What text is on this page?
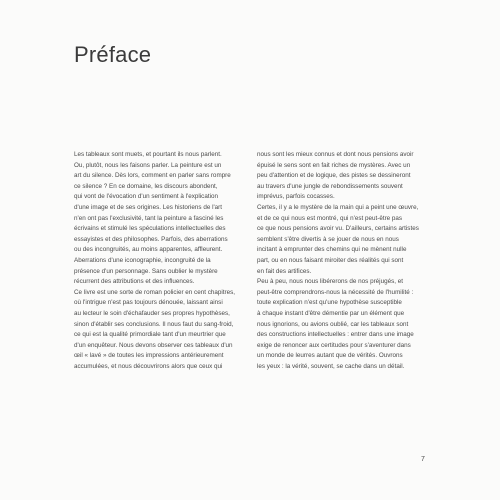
Préface

Les tableaux sont muets, et pourtant ils nous parlent.

Ou, plutôt, nous les faisons parler. La peinture est un

art du silence. Dès lors, comment en parler sans rompre

ce silence ? En ce domaine, les discours abondent,

qui vont de l'évocation d'un sentiment à l'explication

d'une image et de ses origines. Les historiens de l'art

n'en ont pas l'exclusivité, tant la peinture a fasciné les

écrivains et stimulé les spéculations intellectuelles des

essayistes et des philosophes. Parfois, des aberrations

ou des incongruités, au moins apparentes, affleurent.

Aberrations d'une iconographie, incongruité de la

présence d'un personnage. Sans oublier le mystère

récurrent des attributions et des influences.

Ce livre est une sorte de roman policier en cent chapitres,

où l'intrigue n'est pas toujours dénouée, laissant ainsi

au lecteur le soin d'échafauder ses propres hypothèses,

sinon d'établir ses conclusions. Il nous faut du sang-froid,

ce qui est la qualité primordiale tant d'un meurtrier que

d'un enquêteur. Nous devons observer ces tableaux d'un

œil « lavé » de toutes les impressions antérieurement

accumulées, et nous découvrirons alors que ceux qui

nous sont les mieux connus et dont nous pensions avoir

épuisé le sens sont en fait riches de mystères. Avec un

peu d'attention et de logique, des pistes se dessineront

au travers d'une jungle de rebondissements souvent

imprévus, parfois cocasses.

Certes, il y a le mystère de la main qui a peint une œuvre,

et de ce qui nous est montré, qui n'est peut-être pas

ce que nous pensions avoir vu. D'ailleurs, certains artistes

semblent s'être divertis à se jouer de nous en nous

incitant à emprunter des chemins qui ne mènent nulle

part, ou en nous faisant miroiter des réalités qui sont

en fait des artifices.

Peu à peu, nous nous libérerons de nos préjugés, et

peut-être comprendrons-nous la nécessité de l'humilité :

toute explication n'est qu'une hypothèse susceptible

à chaque instant d'être démentie par un élément que

nous ignorions, ou avions oublié, car les tableaux sont

des constructions intellectuelles : entrer dans une image

exige de renoncer aux certitudes pour s'aventurer dans

un monde de leurres autant que de vérités. Ouvrons

les yeux : la vérité, souvent, se cache dans un détail.

7
